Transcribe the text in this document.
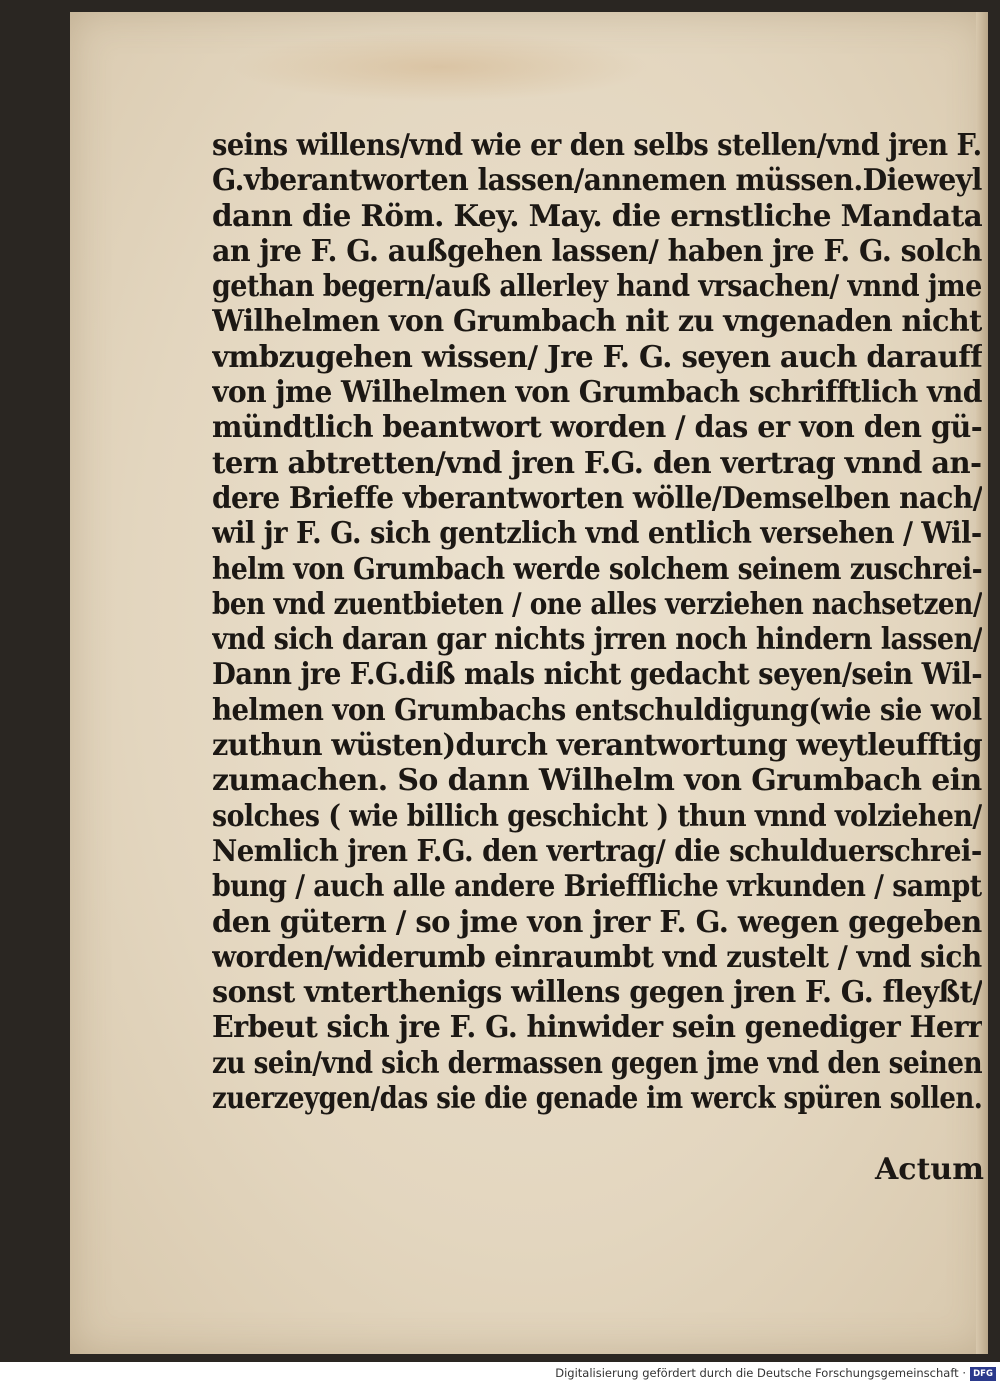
seins willens/vnd wie er den selbs stellen/vnd jren F.
G.vberantworten lassen/annemen müssen.Dieweyl
dann die Röm. Key. May. die ernstliche Mandata
an jre F. G. außgehen lassen/ haben jre F. G. solch
gethan begern/auß allerley hand vrsachen/ vnnd jme
Wilhelmen von Grumbach nit zu vngenaden nicht
vmbzugehen wissen/ Jre F. G. seyen auch darauff
von jme Wilhelmen von Grumbach schrifftlich vnd
mündtlich beantwort worden / das er von den gü-
tern abtretten/vnd jren F.G. den vertrag vnnd an-
dere Brieffe vberantworten wölle/Demselben nach/
wil jr F. G. sich gentzlich vnd entlich versehen / Wil-
helm von Grumbach werde solchem seinem zuschrei-
ben vnd zuentbieten / one alles verziehen nachsetzen/
vnd sich daran gar nichts jrren noch hindern lassen/
Dann jre F.G.diß mals nicht gedacht seyen/sein Wil-
helmen von Grumbachs entschuldigung(wie sie wol
zuthun wüsten)durch verantwortung weytleufftig
zumachen. So dann Wilhelm von Grumbach ein
solches ( wie billich geschicht ) thun vnnd volziehen/
Nemlich jren F.G. den vertrag/ die schulduerschrei-
bung / auch alle andere Brieffliche vrkunden / sampt
den gütern / so jme von jrer F. G. wegen gegeben
worden/widerumb einraumbt vnd zustelt / vnd sich
sonst vnterthenigs willens gegen jren F. G. fleyßt/
Erbeut sich jre F. G. hinwider sein genediger Herr
zu sein/vnd sich dermassen gegen jme vnd den seinen
zuerzeygen/das sie die genade im werck spüren sollen.
Actum
Digitalisierung gefördert durch die Deutsche Forschungsgemeinschaft · DFG
